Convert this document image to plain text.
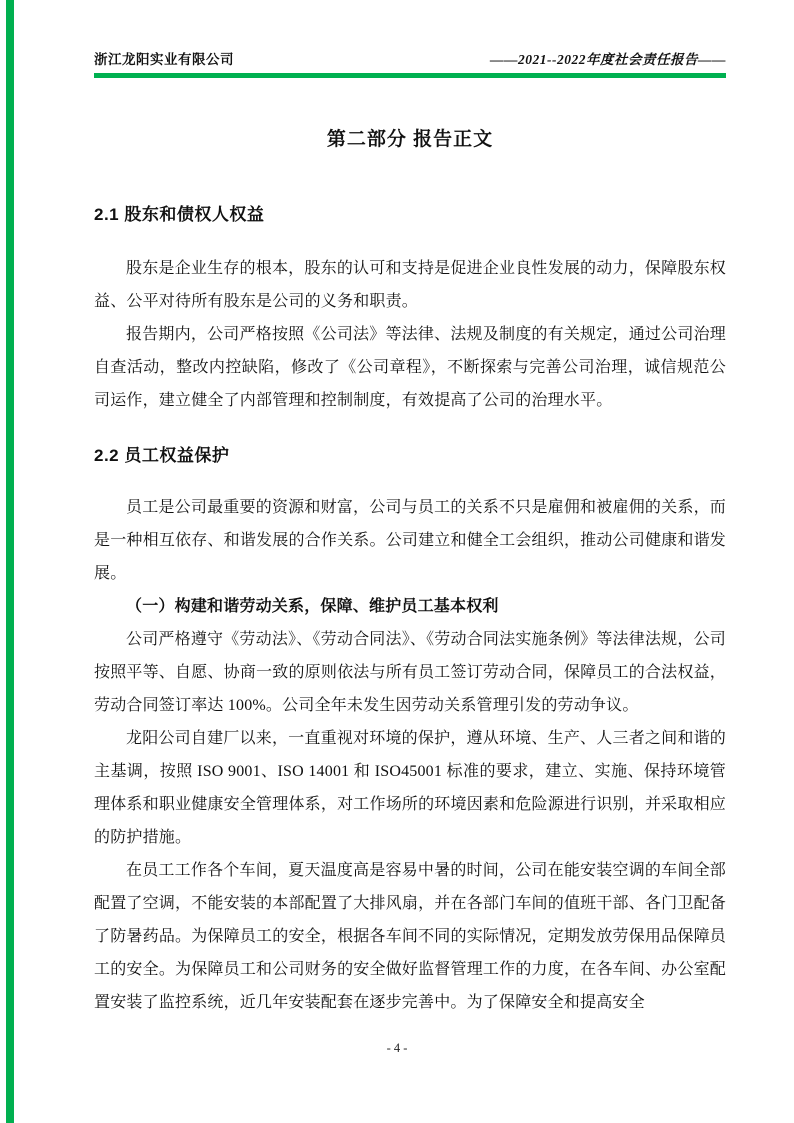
浙江龙阳实业有限公司	——2021--2022年度社会责任报告——
第二部分 报告正文
2.1 股东和债权人权益

股东是企业生存的根本，股东的认可和支持是促进企业良性发展的动力，保障股东权益、公平对待所有股东是公司的义务和职责。

报告期内，公司严格按照《公司法》等法律、法规及制度的有关规定，通过公司治理自查活动，整改内控缺陷，修改了《公司章程》，不断探索与完善公司治理，诚信规范公司运作，建立健全了内部管理和控制制度，有效提高了公司的治理水平。

2.2 员工权益保护

员工是公司最重要的资源和财富，公司与员工的关系不只是雇佣和被雇佣的关系，而是一种相互依存、和谐发展的合作关系。公司建立和健全工会组织，推动公司健康和谐发展。

（一）构建和谐劳动关系，保障、维护员工基本权利

公司严格遵守《劳动法》、《劳动合同法》、《劳动合同法实施条例》等法律法规，公司按照平等、自愿、协商一致的原则依法与所有员工签订劳动合同，保障员工的合法权益，劳动合同签订率达 100%。公司全年未发生因劳动关系管理引发的劳动争议。

龙阳公司自建厂以来，一直重视对环境的保护，遵从环境、生产、人三者之间和谐的主基调，按照 ISO 9001、ISO 14001 和 ISO45001 标准的要求，建立、实施、保持环境管理体系和职业健康安全管理体系，对工作场所的环境因素和危险源进行识别，并采取相应的防护措施。

在员工工作各个车间，夏天温度高是容易中暑的时间，公司在能安装空调的车间全部配置了空调，不能安装的本部配置了大排风扇，并在各部门车间的值班干部、各门卫配备了防暑药品。为保障员工的安全，根据各车间不同的实际情况，定期发放劳保用品保障员工的安全。为保障员工和公司财务的安全做好监督管理工作的力度，在各车间、办公室配置安装了监控系统，近几年安装配套在逐步完善中。为了保障安全和提高安全

- 4 -
